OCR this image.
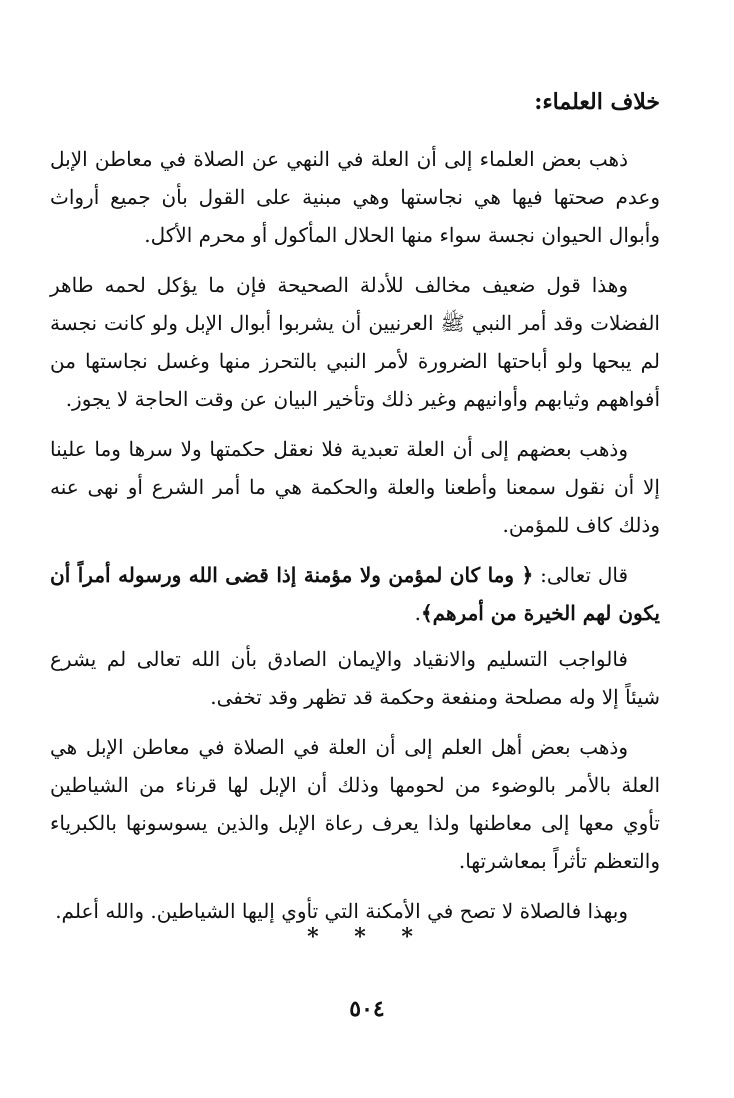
خلاف العلماء:

ذهب بعض العلماء إلى أن العلة في النهي عن الصلاة في معاطن الإبل وعدم صحتها فيها هي نجاستها وهي مبنية على القول بأن جميع أرواث وأبوال الحيوان نجسة سواء منها الحلال المأكول أو محرم الأكل.

وهذا قول ضعيف مخالف للأدلة الصحيحة فإن ما يؤكل لحمه طاهر الفضلات وقد أمر النبي ﷺ العرنيين أن يشربوا أبوال الإبل ولو كانت نجسة لم يبحها ولو أباحتها الضرورة لأمر النبي بالتحرز منها وغسل نجاستها من أفواههم وثيابهم وأوانيهم وغير ذلك وتأخير البيان عن وقت الحاجة لا يجوز.

وذهب بعضهم إلى أن العلة تعبدية فلا نعقل حكمتها ولا سرها وما علينا إلا أن نقول سمعنا وأطعنا والعلة والحكمة هي ما أمر الشرع أو نهى عنه وذلك كاف للمؤمن.

قال تعالى: ﴿ وما كان لمؤمن ولا مؤمنة إذا قضى الله ورسوله أمراً أن يكون لهم الخيرة من أمرهم﴾.

فالواجب التسليم والانقياد والإيمان الصادق بأن الله تعالى لم يشرع شيئاً إلا وله مصلحة ومنفعة وحكمة قد تظهر وقد تخفى.

وذهب بعض أهل العلم إلى أن العلة في الصلاة في معاطن الإبل هي العلة بالأمر بالوضوء من لحومها وذلك أن الإبل لها قرناء من الشياطين تأوي معها إلى معاطنها ولذا يعرف رعاة الإبل والذين يسوسونها بالكبرياء والتعظم تأثراً بمعاشرتها.

وبهذا فالصلاة لا تصح في الأمكنة التي تأوي إليها الشياطين. والله أعلم.

* * *
٥٠٤
